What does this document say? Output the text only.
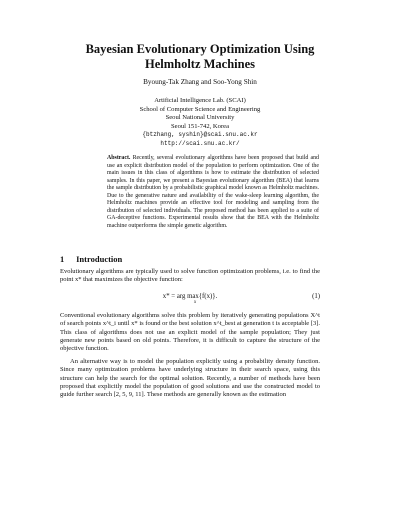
Bayesian Evolutionary Optimization Using
Helmholtz Machines
Byoung-Tak Zhang and Soo-Yong Shin
Artificial Intelligence Lab. (SCAI)
School of Computer Science and Engineering
Seoul National University
Seoul 151-742, Korea
{btzhang, syshin}@scai.snu.ac.kr
http://scai.snu.ac.kr/
Abstract. Recently, several evolutionary algorithms have been proposed that build and use an explicit distribution model of the population to perform optimization. One of the main issues in this class of algorithms is how to estimate the distribution of selected samples. In this paper, we present a Bayesian evolutionary algorithm (BEA) that learns the sample distribution by a probabilistic graphical model known as Helmholtz machines. Due to the generative nature and availability of the wake-sleep learning algorithm, the Helmholtz machines provide an effective tool for modeling and sampling from the distribution of selected individuals. The proposed method has been applied to a suite of GA-deceptive functions. Experimental results show that the BEA with the Helmholtz machine outperforms the simple genetic algorithm.
1 Introduction
Evolutionary algorithms are typically used to solve function optimization problems, i.e. to find the point x* that maximizes the objective function:
x* = arg max{f(x)}.
x
(1)
Conventional evolutionary algorithms solve this problem by iteratively generating populations X^t of search points x^t_i until x* is found or the best solution x^t_best at generation t is acceptable [3]. This class of algorithms does not use an explicit model of the sample population; They just generate new points based on old points. Therefore, it is difficult to capture the structure of the objective function.
An alternative way is to model the population explicitly using a probability density function. Since many optimization problems have underlying structure in their search space, using this structure can help the search for the optimal solution. Recently, a number of methods have been proposed that explicitly model the population of good solutions and use the constructed model to guide further search [2, 5, 9, 11]. These methods are generally known as the estimation
